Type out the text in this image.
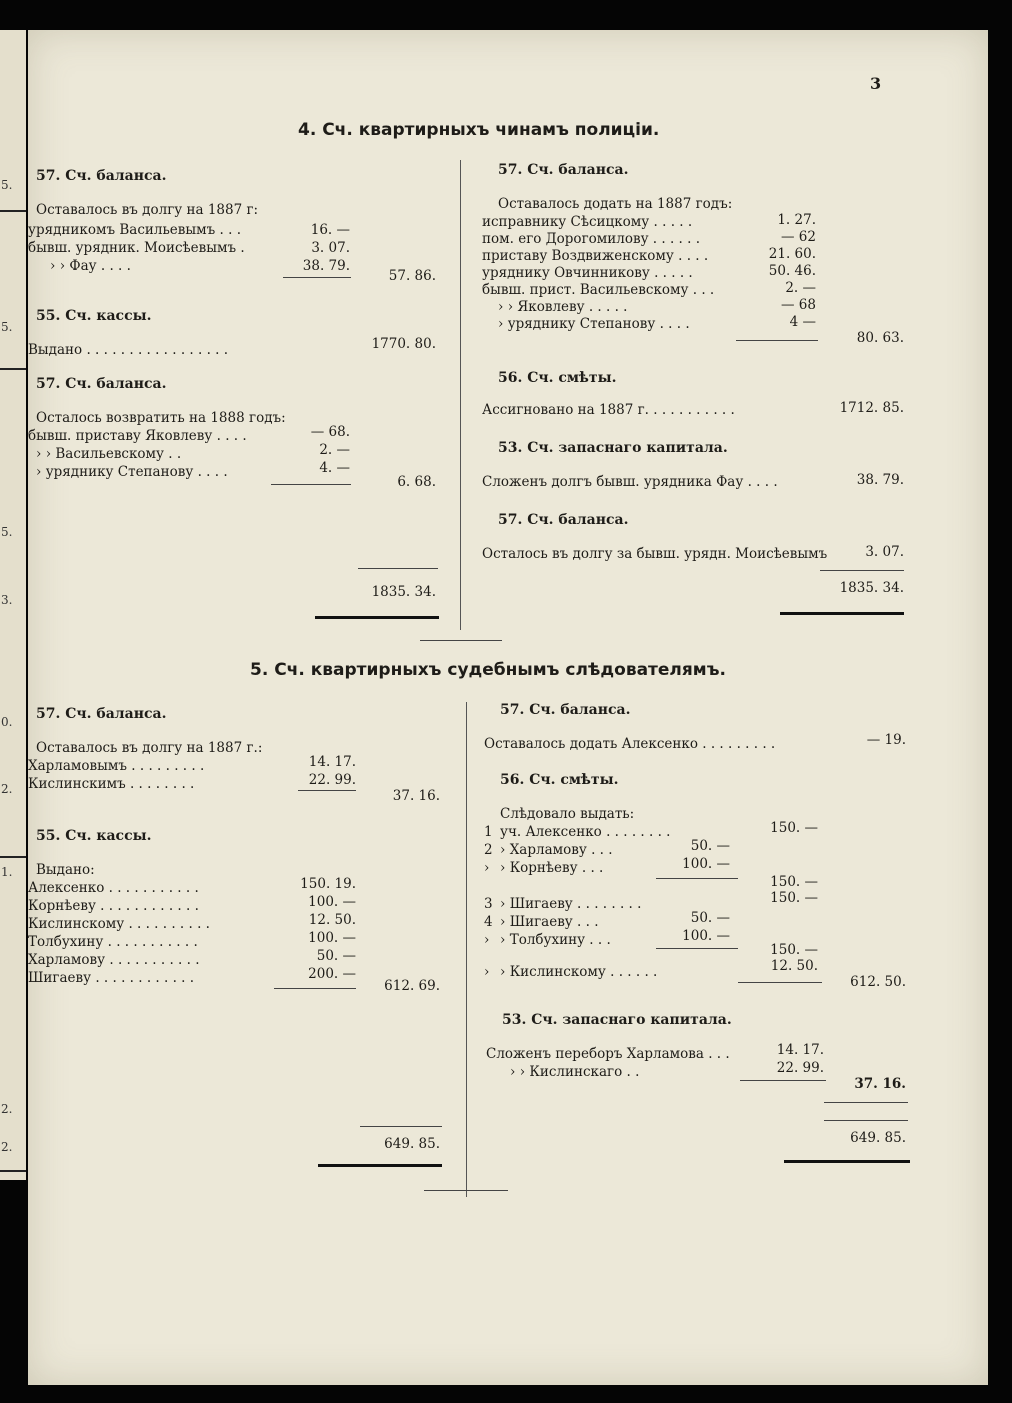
5.
5.
5.
3.
0.
2.
1.
2.
2.
3
4. Сч. квартирныхъ чинамъ полиціи.
57. Сч. баланса.
Оставалось въ долгу на 1887 г:
урядникомъ Васильевымъ . . .	16. —
бывш. урядник. Моисѣевымъ .	3. 07.
› › Фау . . . .	38. 79.
57. 86.
55. Сч. кассы.
Выдано . . . . . . . . . . . . . . . . .	1770. 80.
57. Сч. баланса.
Осталось возвратить на 1888 годъ:
бывш. приставу Яковлеву . . . .	— 68.
› › Васильевскому . .	2. —
› уряднику Степанову . . . .	4. —
6. 68.
1835. 34.
57. Сч. баланса.
Оставалось додать на 1887 годъ:
исправнику Сѣсицкому . . . . .	1. 27.
пом. его Дорогомилову . . . . . .	— 62
приставу Воздвиженскому . . . .	21. 60.
уряднику Овчинникову . . . . .	50. 46.
бывш. прист. Васильевскому . . .	2. —
› › Яковлеву . . . . .	— 68
› уряднику Степанову . . . .	4 —
80. 63.
56. Сч. смѣты.
Ассигновано на 1887 г. . . . . . . . . . .	1712. 85.
53. Сч. запаснаго капитала.
Сложенъ долгъ бывш. урядника Фау . . . .	38. 79.
57. Сч. баланса.
Осталось въ долгу за бывш. урядн. Моисѣевымъ	3. 07.
1835. 34.
5. Сч. квартирныхъ судебнымъ слѣдователямъ.
57. Сч. баланса.
Оставалось въ долгу на 1887 г.:
Харламовымъ . . . . . . . . .	14. 17.
Кислинскимъ . . . . . . . .	22. 99.
37. 16.
55. Сч. кассы.
Выдано:
Алексенко . . . . . . . . . . .	150. 19.
Корнѣеву . . . . . . . . . . . .	100. —
Кислинскому . . . . . . . . . .	12. 50.
Толбухину . . . . . . . . . . .	100. —
Харламову . . . . . . . . . . .	50. —
Шигаеву . . . . . . . . . . . .	200. —
612. 69.
649. 85.
57. Сч. баланса.
Оставалось додать Алексенко . . . . . . . . .	— 19.
56. Сч. смѣты.
Слѣдовало выдать:
1 уч. Алексенко . . . . . . . .	150. —
2 › Харламову . . .	50. —
› › Корнѣеву . . .	100. —
150. —
3 › Шигаеву . . . . . . . .	150. —
4 › Шигаеву . . .	50. —
› › Толбухину . . .	100. —
150. —
› › Кислинскому . . . . . .	12. 50.
612. 50.
53. Сч. запаснаго капитала.
Сложенъ переборъ Харламова . . .	14. 17.
› › Кислинскаго . .	22. 99.
37. 16.
649. 85.
